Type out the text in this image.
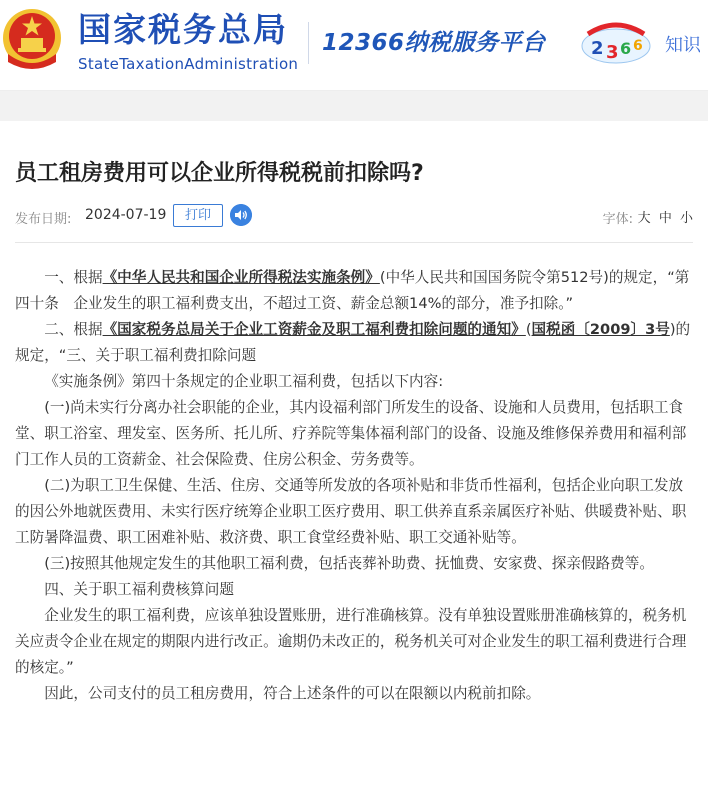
国家税务总局
StateTaxationAdministration
12366纳税服务平台	2 3 6 6 知识
员工租房费用可以企业所得税税前扣除吗?
发布日期: 2024-07-19	打印	字体: 大 中 小

一、根据《中华人民共和国企业所得税法实施条例》(中华人民共和国国务院令第512号)的规定，“第四十条　企业发生的职工福利费支出，不超过工资、薪金总额14%的部分，准予扣除。”

二、根据《国家税务总局关于企业工资薪金及职工福利费扣除问题的通知》(国税函〔2009〕3号)的规定，“三、关于职工福利费扣除问题

《实施条例》第四十条规定的企业职工福利费，包括以下内容:

(一)尚未实行分离办社会职能的企业，其内设福利部门所发生的设备、设施和人员费用，包括职工食堂、职工浴室、理发室、医务所、托儿所、疗养院等集体福利部门的设备、设施及维修保养费用和福利部门工作人员的工资薪金、社会保险费、住房公积金、劳务费等。

(二)为职工卫生保健、生活、住房、交通等所发放的各项补贴和非货币性福利，包括企业向职工发放的因公外地就医费用、未实行医疗统筹企业职工医疗费用、职工供养直系亲属医疗补贴、供暖费补贴、职工防暑降温费、职工困难补贴、救济费、职工食堂经费补贴、职工交通补贴等。

(三)按照其他规定发生的其他职工福利费，包括丧葬补助费、抚恤费、安家费、探亲假路费等。

四、关于职工福利费核算问题

企业发生的职工福利费，应该单独设置账册，进行准确核算。没有单独设置账册准确核算的，税务机关应责令企业在规定的期限内进行改正。逾期仍未改正的，税务机关可对企业发生的职工福利费进行合理的核定。”

因此，公司支付的员工租房费用，符合上述条件的可以在限额以内税前扣除。
